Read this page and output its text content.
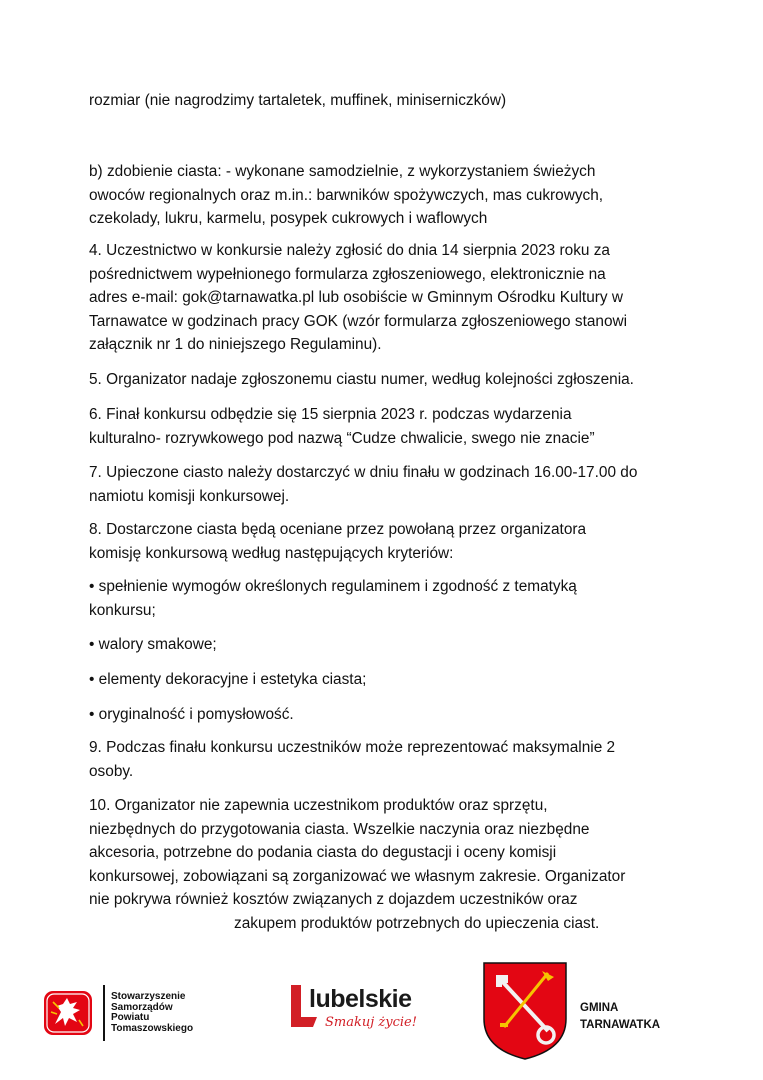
rozmiar (nie nagrodzimy tartaletek, muffinek, miniserniczków)

b) zdobienie ciasta: - wykonane samodzielnie, z wykorzystaniem świeżych
owoców regionalnych oraz m.in.: barwników spożywczych, mas cukrowych,
czekolady, lukru, karmelu, posypek cukrowych i waflowych

4. Uczestnictwo w konkursie należy zgłosić do dnia 14 sierpnia 2023 roku za
pośrednictwem wypełnionego formularza zgłoszeniowego, elektronicznie na
adres e-mail: gok@tarnawatka.pl lub osobiście w Gminnym Ośrodku Kultury w
Tarnawatce w godzinach pracy GOK (wzór formularza zgłoszeniowego stanowi
załącznik nr 1 do niniejszego Regulaminu).

5. Organizator nadaje zgłoszonemu ciastu numer, według kolejności zgłoszenia.

6. Finał konkursu odbędzie się 15 sierpnia 2023 r. podczas wydarzenia
kulturalno- rozrywkowego pod nazwą “Cudze chwalicie, swego nie znacie”

7. Upieczone ciasto należy dostarczyć w dniu finału w godzinach 16.00-17.00 do
namiotu komisji konkursowej.

8. Dostarczone ciasta będą oceniane przez powołaną przez organizatora
komisję konkursową według następujących kryteriów:

• spełnienie wymogów określonych regulaminem i zgodność z tematyką
konkursu;

• walory smakowe;

• elementy dekoracyjne i estetyka ciasta;

• oryginalność i pomysłowość.

9. Podczas finału konkursu uczestników może reprezentować maksymalnie 2
osoby.

10. Organizator nie zapewnia uczestnikom produktów oraz sprzętu,
niezbędnych do przygotowania ciasta. Wszelkie naczynia oraz niezbędne
akcesoria, potrzebne do podania ciasta do degustacji i oceny komisji
konkursowej, zobowiązani są zorganizować we własnym zakresie. Organizator
nie pokrywa również kosztów związanych z dojazdem uczestników oraz
zakupem produktów potrzebnych do upieczenia ciast.

Stowarzyszenie
Samorządów
Powiatu
Tomaszowskiego
lubelskie
Smakuj życie!
GMINA
TARNAWATKA
